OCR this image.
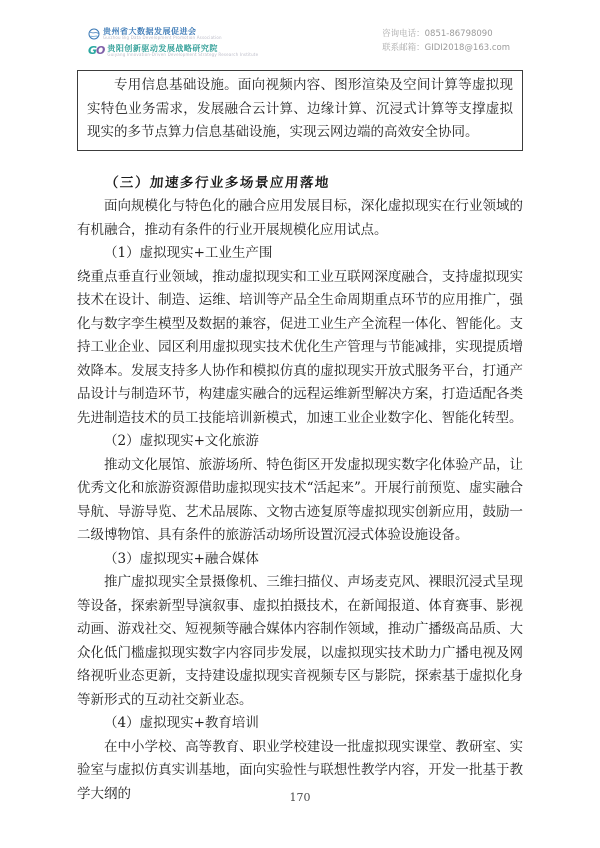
贵州省大数据发展促进会
Guizhou Big Data Development Promotion Association
GO 贵阳创新驱动发展战略研究院
Guiyang Innovation-Driven Development Strategy Research Institute
咨询电话：0851-86798090
联系邮箱：GIDI2018@163.com

专用信息基础设施。面向视频内容、图形渲染及空间计算等虚拟现实特色业务需求，发展融合云计算、边缘计算、沉浸式计算等支撑虚拟现实的多节点算力信息基础设施，实现云网边端的高效安全协同。

（三）加速多行业多场景应用落地

面向规模化与特色化的融合应用发展目标，深化虚拟现实在行业领域的有机融合，推动有条件的行业开展规模化应用试点。

（1）虚拟现实+工业生产围

绕重点垂直行业领域，推动虚拟现实和工业互联网深度融合，支持虚拟现实技术在设计、制造、运维、培训等产品全生命周期重点环节的应用推广，强化与数字孪生模型及数据的兼容，促进工业生产全流程一体化、智能化。支持工业企业、园区利用虚拟现实技术优化生产管理与节能减排，实现提质增效降本。发展支持多人协作和模拟仿真的虚拟现实开放式服务平台，打通产品设计与制造环节，构建虚实融合的远程运维新型解决方案，打造适配各类先进制造技术的员工技能培训新模式，加速工业企业数字化、智能化转型。

（2）虚拟现实+文化旅游

推动文化展馆、旅游场所、特色街区开发虚拟现实数字化体验产品，让优秀文化和旅游资源借助虚拟现实技术“活起来”。开展行前预览、虚实融合导航、导游导览、艺术品展陈、文物古迹复原等虚拟现实创新应用，鼓励一二级博物馆、具有条件的旅游活动场所设置沉浸式体验设施设备。

（3）虚拟现实+融合媒体

推广虚拟现实全景摄像机、三维扫描仪、声场麦克风、裸眼沉浸式呈现等设备，探索新型导演叙事、虚拟拍摄技术，在新闻报道、体育赛事、影视动画、游戏社交、短视频等融合媒体内容制作领域，推动广播级高品质、大众化低门槛虚拟现实数字内容同步发展，以虚拟现实技术助力广播电视及网络视听业态更新，支持建设虚拟现实音视频专区与影院，探索基于虚拟化身等新形式的互动社交新业态。

（4）虚拟现实+教育培训

在中小学校、高等教育、职业学校建设一批虚拟现实课堂、教研室、实验室与虚拟仿真实训基地，面向实验性与联想性教学内容，开发一批基于教学大纲的	170
